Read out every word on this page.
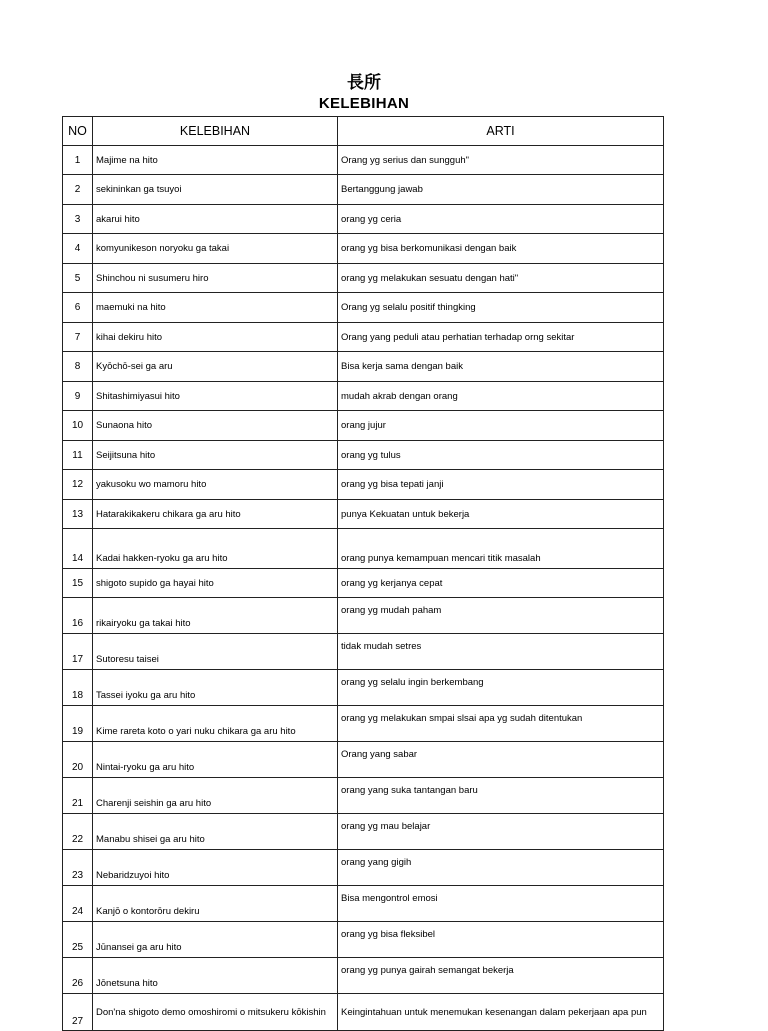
長所
KELEBIHAN
NO	KELEBIHAN	ARTI
1	Majime na hito	Orang yg serius dan sungguh"
2	sekininkan ga tsuyoi	Bertanggung jawab
3	akarui hito	orang yg ceria
4	komyunikeson noryoku ga takai	orang yg bisa berkomunikasi dengan baik
5	Shinchou ni susumeru hiro	orang yg melakukan sesuatu dengan hati"
6	maemuki na hito	Orang yg selalu positif thingking
7	kihai dekiru hito	Orang yang peduli atau perhatian terhadap orng sekitar
8	Kyōchō-sei ga aru	Bisa kerja sama dengan baik
9	Shitashimiyasui hito	mudah akrab dengan orang
10	Sunaona hito	orang jujur
11	Seijitsuna hito	orang yg tulus
12	yakusoku wo mamoru hito	orang yg bisa tepati janji
13	Hatarakikakeru chikara ga aru hito	punya Kekuatan untuk bekerja
14	Kadai hakken-ryoku ga aru hito	orang punya kemampuan mencari titik masalah
15	shigoto supido ga hayai hito	orang yg kerjanya cepat
16	rikairyoku ga takai hito	orang yg mudah paham
17	Sutoresu taisei	tidak mudah setres
18	Tassei iyoku ga aru hito	orang yg selalu ingin berkembang
19	Kime rareta koto o yari nuku chikara ga aru hito	orang yg melakukan smpai slsai apa yg sudah ditentukan
20	Nintai-ryoku ga aru hito	Orang yang sabar
21	Charenji seishin ga aru hito	orang yang suka tantangan baru
22	Manabu shisei ga aru hito	orang yg mau belajar
23	Nebaridzuyoi hito	orang yang gigih
24	Kanjō o kontorōru dekiru	Bisa mengontrol emosi
25	Jūnansei ga aru hito	orang yg bisa fleksibel
26	Jōnetsuna hito	orang yg punya gairah semangat bekerja
27	Don'na shigoto demo omoshiromi o mitsukeru kōkishin	Keingintahuan untuk menemukan kesenangan dalam pekerjaan apa pun
